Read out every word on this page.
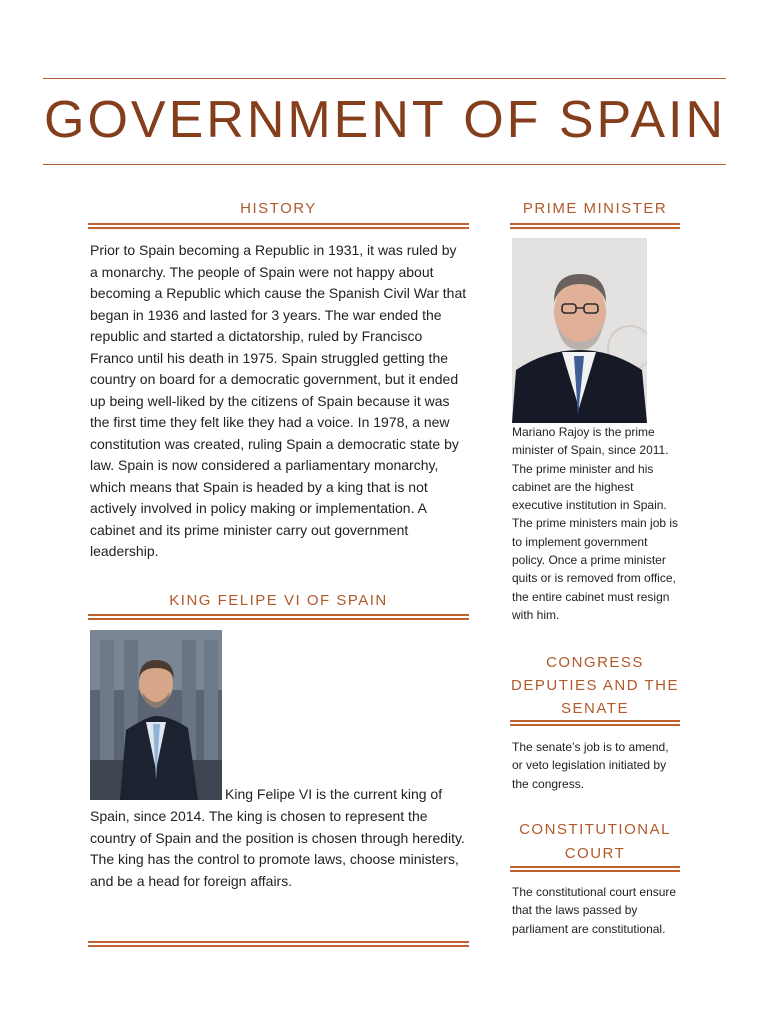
GOVERNMENT OF SPAIN
HISTORY
Prior to Spain becoming a Republic in 1931, it was ruled by a monarchy. The people of Spain were not happy about becoming a Republic which cause the Spanish Civil War that began in 1936 and lasted for 3 years. The war ended the republic and started a dictatorship, ruled by Francisco Franco until his death in 1975. Spain struggled getting the country on board for a democratic government, but it ended up being well-liked by the citizens of Spain because it was the first time they felt like they had a voice. In 1978, a new constitution was created, ruling Spain a democratic state by law. Spain is now considered a parliamentary monarchy, which means that Spain is headed by a king that is not actively involved in policy making or implementation. A cabinet and its prime minister carry out government leadership.
KING FELIPE VI OF SPAIN
King Felipe VI is the current king of
Spain, since 2014. The king is chosen to represent the country of Spain and the position is chosen through heredity. The king has the control to promote laws, choose ministers, and be a head for foreign affairs.
PRIME MINISTER
Mariano Rajoy is the prime minister of Spain, since 2011. The prime minister and his cabinet are the highest executive institution in Spain. The prime ministers main job is to implement government policy. Once a prime minister quits or is removed from office, the entire cabinet must resign with him.
CONGRESS DEPUTIES AND THE SENATE
The senate’s job is to amend, or veto legislation initiated by the congress.
CONSTITUTIONAL COURT
The constitutional court ensure that the laws passed by parliament are constitutional.
